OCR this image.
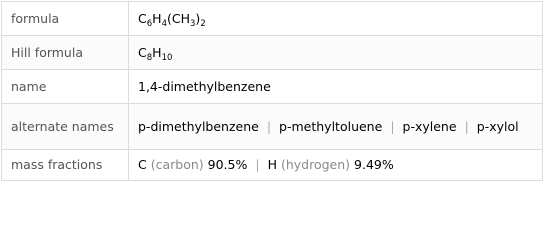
formula	$C_6H_4(CH_3)_2$
Hill formula	$C_8H_{10}$
name	1,4-dimethylbenzene
alternate names	p-dimethylbenzene | p-methyltoluene | p-xylene | p-xylol

mass fractions	C (carbon) 90.5% | H (hydrogen) 9.49%
